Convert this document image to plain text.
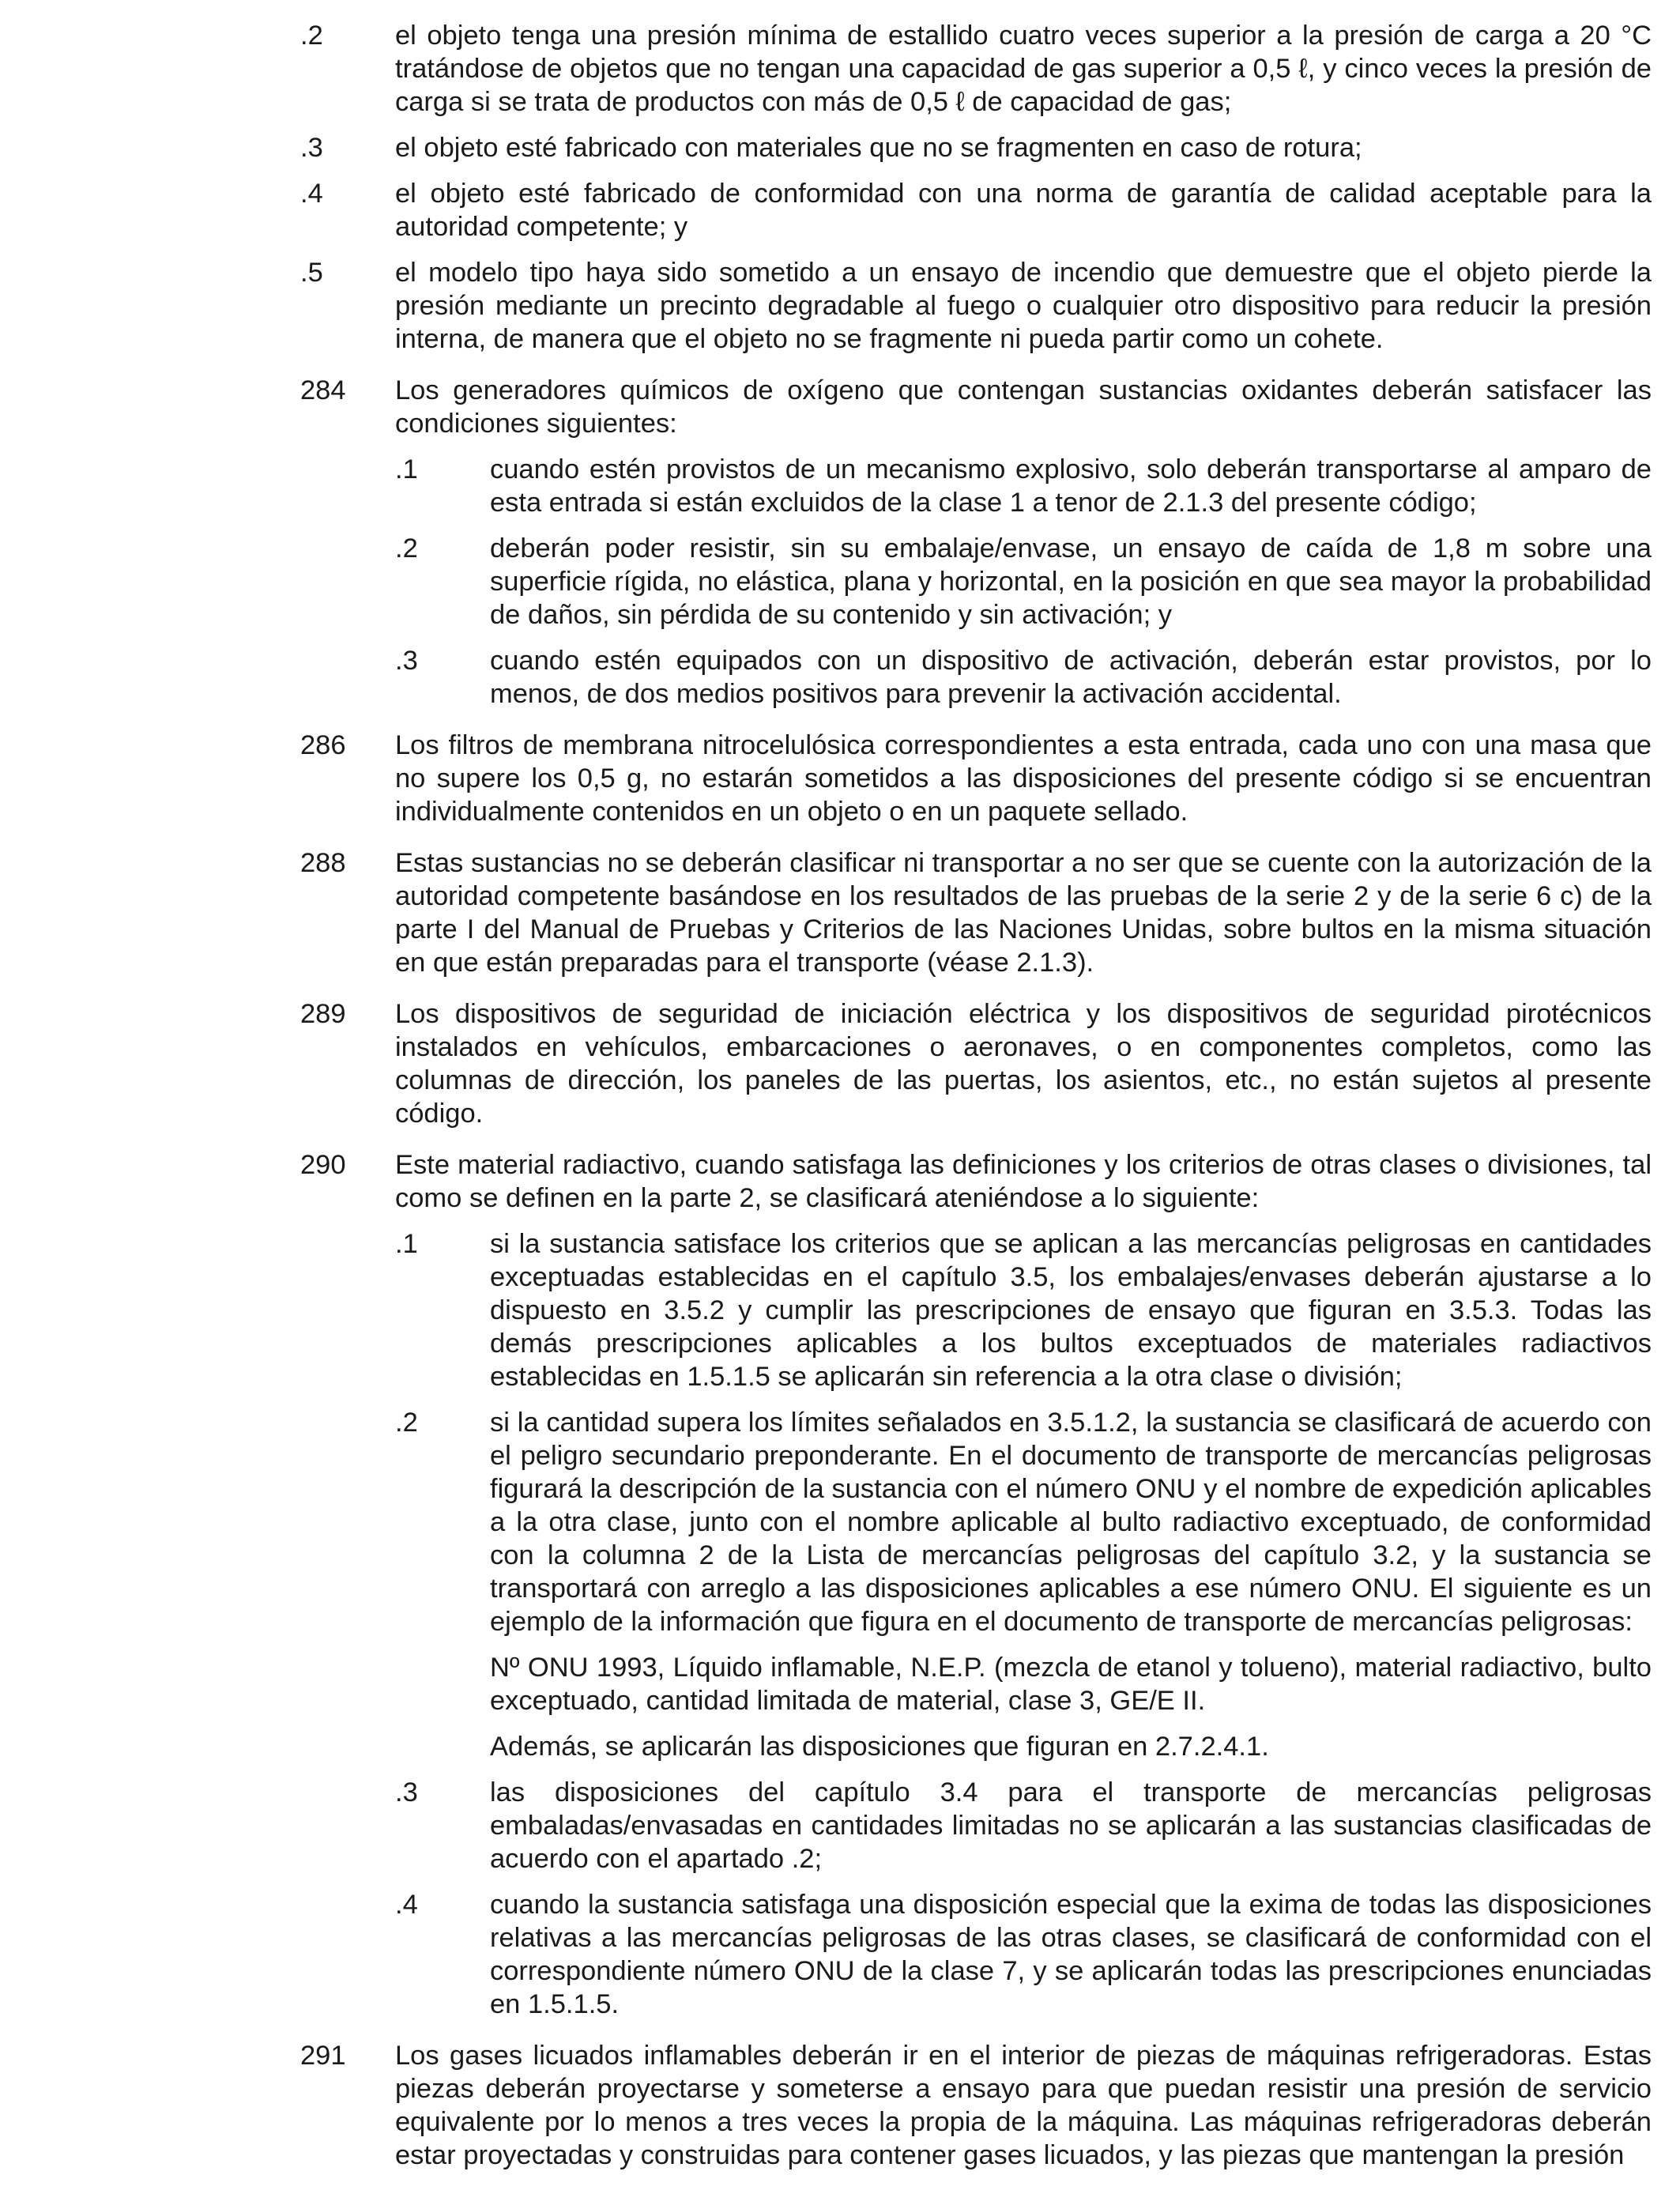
.2	el objeto tenga una presión mínima de estallido cuatro veces superior a la presión de carga a 20 °C tratándose de objetos que no tengan una capacidad de gas superior a 0,5 ℓ, y cinco veces la presión de carga si se trata de productos con más de 0,5 ℓ de capacidad de gas;
.3	el objeto esté fabricado con materiales que no se fragmenten en caso de rotura;
.4	el objeto esté fabricado de conformidad con una norma de garantía de calidad aceptable para la autoridad competente; y
.5	el modelo tipo haya sido sometido a un ensayo de incendio que demuestre que el objeto pierde la presión mediante un precinto degradable al fuego o cualquier otro dispositivo para reducir la presión interna, de manera que el objeto no se fragmente ni pueda partir como un cohete.
284	Los generadores químicos de oxígeno que contengan sustancias oxidantes deberán satisfacer las condiciones siguientes:
.1	cuando estén provistos de un mecanismo explosivo, solo deberán transportarse al amparo de esta entrada si están excluidos de la clase 1 a tenor de 2.1.3 del presente código;
.2	deberán poder resistir, sin su embalaje/envase, un ensayo de caída de 1,8 m sobre una superficie rígida, no elástica, plana y horizontal, en la posición en que sea mayor la probabilidad de daños, sin pérdida de su contenido y sin activación; y
.3	cuando estén equipados con un dispositivo de activación, deberán estar provistos, por lo menos, de dos medios positivos para prevenir la activación accidental.
286	Los filtros de membrana nitrocelulósica correspondientes a esta entrada, cada uno con una masa que no supere los 0,5 g, no estarán sometidos a las disposiciones del presente código si se encuentran individualmente contenidos en un objeto o en un paquete sellado.
288	Estas sustancias no se deberán clasificar ni transportar a no ser que se cuente con la autorización de la autoridad competente basándose en los resultados de las pruebas de la serie 2 y de la serie 6 c) de la parte I del Manual de Pruebas y Criterios de las Naciones Unidas, sobre bultos en la misma situación en que están preparadas para el transporte (véase 2.1.3).
289	Los dispositivos de seguridad de iniciación eléctrica y los dispositivos de seguridad pirotécnicos instalados en vehículos, embarcaciones o aeronaves, o en componentes completos, como las columnas de dirección, los paneles de las puertas, los asientos, etc., no están sujetos al presente código.
290	Este material radiactivo, cuando satisfaga las definiciones y los criterios de otras clases o divisiones, tal como se definen en la parte 2, se clasificará ateniéndose a lo siguiente:
.1	si la sustancia satisface los criterios que se aplican a las mercancías peligrosas en cantidades exceptuadas establecidas en el capítulo 3.5, los embalajes/envases deberán ajustarse a lo dispuesto en 3.5.2 y cumplir las prescripciones de ensayo que figuran en 3.5.3. Todas las demás prescripciones aplicables a los bultos exceptuados de materiales radiactivos establecidas en 1.5.1.5 se aplicarán sin referencia a la otra clase o división;
.2	si la cantidad supera los límites señalados en 3.5.1.2, la sustancia se clasificará de acuerdo con el peligro secundario preponderante. En el documento de transporte de mercancías peligrosas figurará la descripción de la sustancia con el número ONU y el nombre de expedición aplicables a la otra clase, junto con el nombre aplicable al bulto radiactivo exceptuado, de conformidad con la columna 2 de la Lista de mercancías peligrosas del capítulo 3.2, y la sustancia se transportará con arreglo a las disposiciones aplicables a ese número ONU. El siguiente es un ejemplo de la información que figura en el documento de transporte de mercancías peligrosas:
Nº ONU 1993, Líquido inflamable, N.E.P. (mezcla de etanol y tolueno), material radiactivo, bulto exceptuado, cantidad limitada de material, clase 3, GE/E II.
Además, se aplicarán las disposiciones que figuran en 2.7.2.4.1.
.3	las disposiciones del capítulo 3.4 para el transporte de mercancías peligrosas embaladas/envasadas en cantidades limitadas no se aplicarán a las sustancias clasificadas de acuerdo con el apartado .2;
.4	cuando la sustancia satisfaga una disposición especial que la exima de todas las disposiciones relativas a las mercancías peligrosas de las otras clases, se clasificará de conformidad con el correspondiente número ONU de la clase 7, y se aplicarán todas las prescripciones enunciadas en 1.5.1.5.
291	Los gases licuados inflamables deberán ir en el interior de piezas de máquinas refrigeradoras. Estas piezas deberán proyectarse y someterse a ensayo para que puedan resistir una presión de servicio equivalente por lo menos a tres veces la propia de la máquina. Las máquinas refrigeradoras deberán estar proyectadas y construidas para contener gases licuados, y las piezas que mantengan la presión
